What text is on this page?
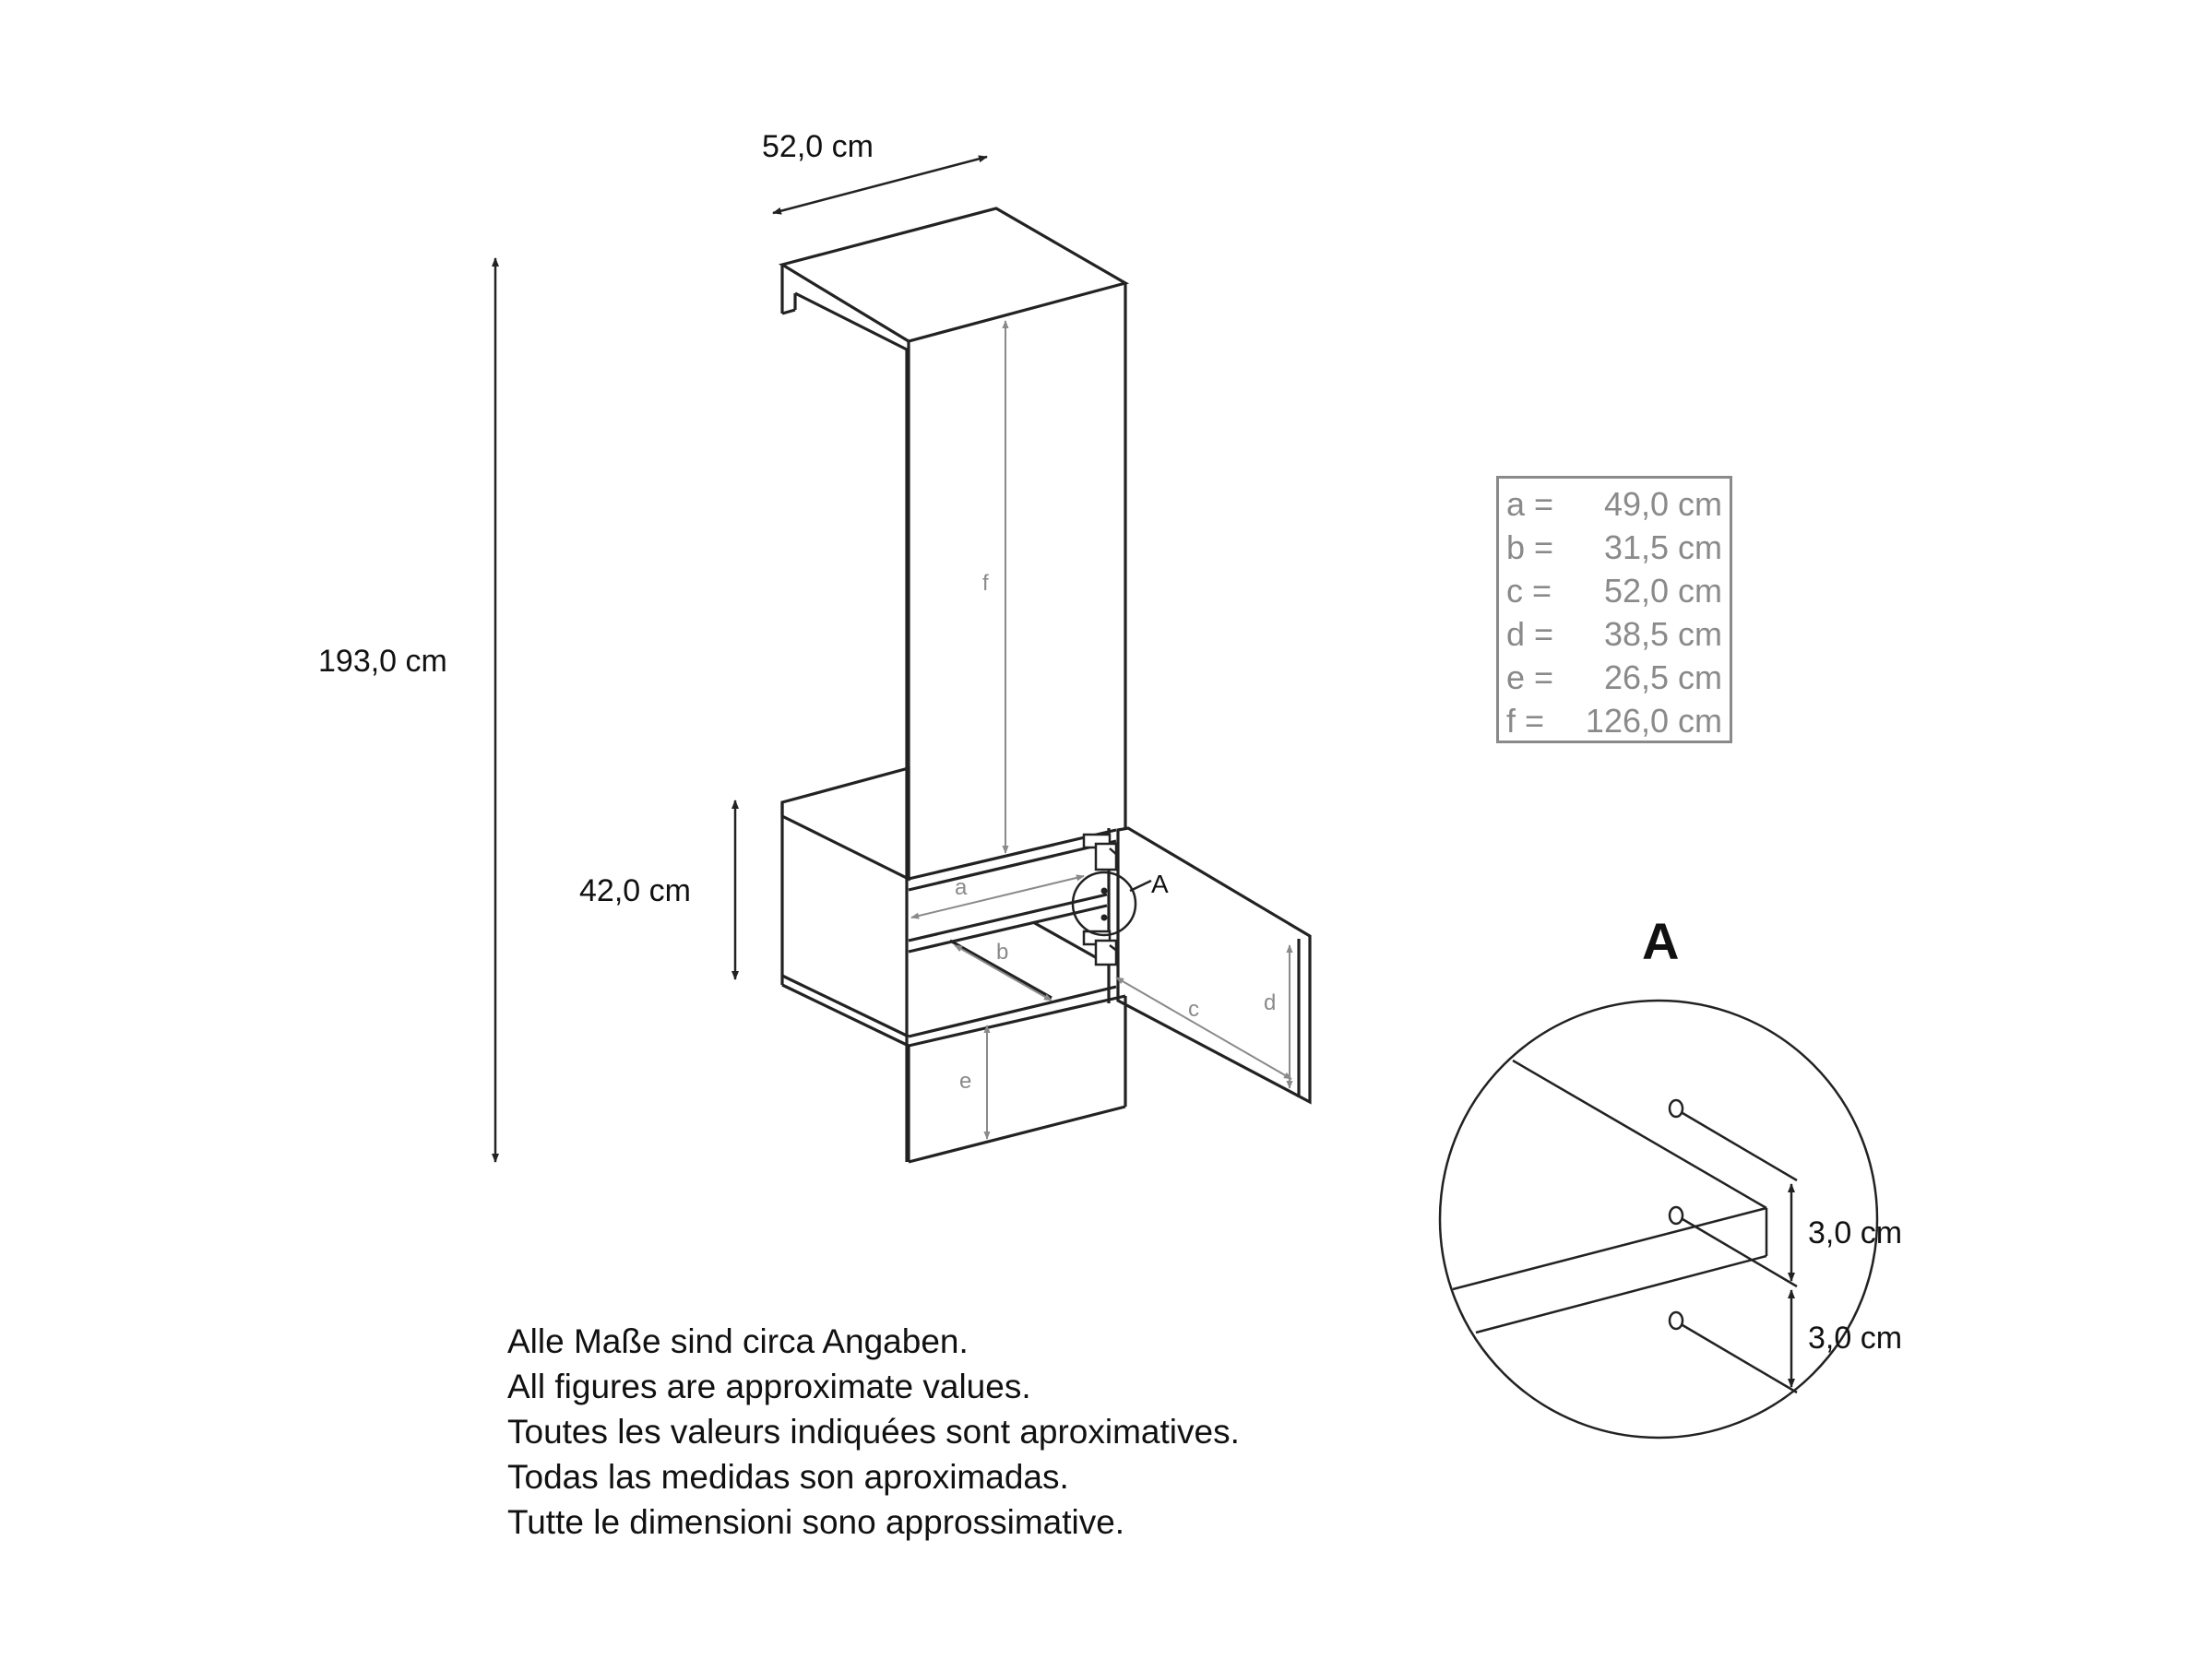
193,0 cm
52,0 cm
42,0 cm	A
f
a
b
c	d
e
A
3,0 cm
3,0 cm
a =	49,0 cm
b =	31,5 cm
c =	52,0 cm
d =	38,5 cm
e =	26,5 cm
f =	126,0 cm
Alle Maße sind circa Angaben.
All figures are approximate values.
Toutes les valeurs indiquées sont aproximatives.
Todas las medidas son aproximadas.
Tutte le dimensioni sono approssimative.
